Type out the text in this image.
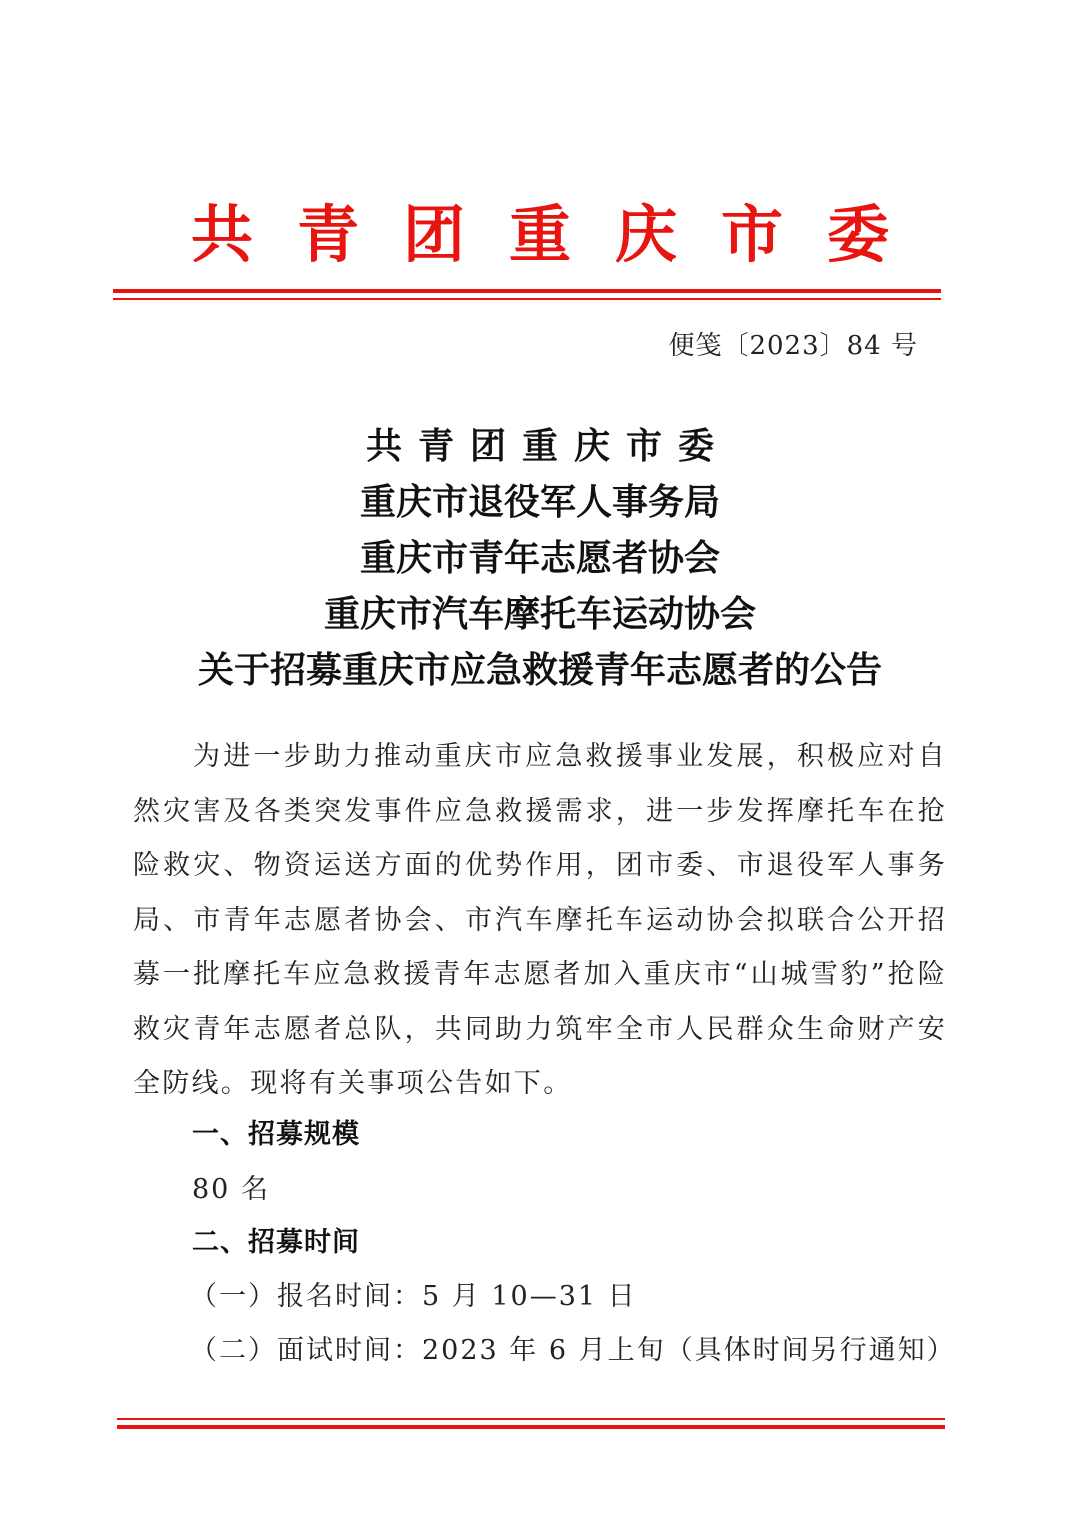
共青团重庆市委
便笺〔2023〕84 号
共青团重庆市委
重庆市退役军人事务局
重庆市青年志愿者协会
重庆市汽车摩托车运动协会
关于招募重庆市应急救援青年志愿者的公告
为进一步助力推动重庆市应急救援事业发展，积极应对自然灾害及各类突发事件应急救援需求，进一步发挥摩托车在抢险救灾、物资运送方面的优势作用，团市委、市退役军人事务局、市青年志愿者协会、市汽车摩托车运动协会拟联合公开招募一批摩托车应急救援青年志愿者加入重庆市“山城雪豹”抢险救灾青年志愿者总队，共同助力筑牢全市人民群众生命财产安全防线。现将有关事项公告如下。
一、招募规模
80 名
二、招募时间
（一）报名时间：5 月 10—31 日
（二）面试时间：2023 年 6 月上旬（具体时间另行通知）
